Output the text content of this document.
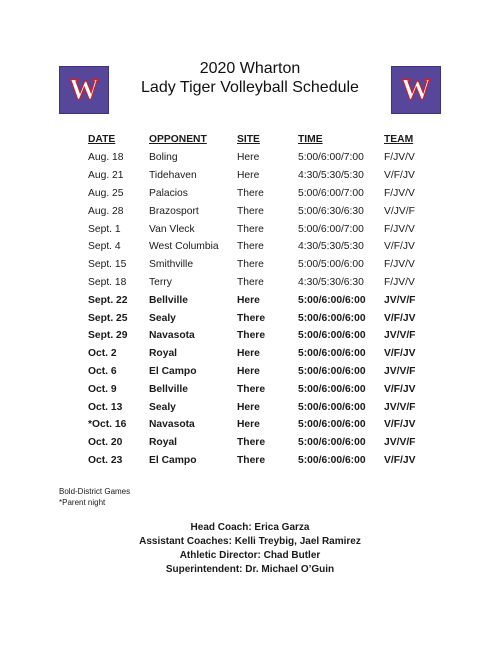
W	W
2020 Wharton
Lady Tiger Volleyball Schedule
DATE	OPPONENT	SITE	TIME	TEAM
Aug. 18	Boling	Here	5:00/6:00/7:00	F/JV/V
Aug. 21	Tidehaven	Here	4:30/5:30/5:30	V/F/JV
Aug. 25	Palacios	There	5:00/6:00/7:00	F/JV/V
Aug. 28	Brazosport	There	5:00/6:30/6:30	V/JV/F
Sept. 1	Van Vleck	There	5:00/6:00/7:00	F/JV/V
Sept. 4	West Columbia	There	4:30/5:30/5:30	V/F/JV
Sept. 15	Smithville	There	5:00/5:00/6:00	F/JV/V
Sept. 18	Terry	There	4:30/5:30/6:30	F/JV/V
Sept. 22	Bellville	Here	5:00/6:00/6:00	JV/V/F
Sept. 25	Sealy	There	5:00/6:00/6:00	V/F/JV
Sept. 29	Navasota	There	5:00/6:00/6:00	JV/V/F
Oct. 2	Royal	Here	5:00/6:00/6:00	V/F/JV
Oct. 6	El Campo	Here	5:00/6:00/6:00	JV/V/F
Oct. 9	Bellville	There	5:00/6:00/6:00	V/F/JV
Oct. 13	Sealy	Here	5:00/6:00/6:00	JV/V/F
*Oct. 16	Navasota	Here	5:00/6:00/6:00	V/F/JV
Oct. 20	Royal	There	5:00/6:00/6:00	JV/V/F
Oct. 23	El Campo	There	5:00/6:00/6:00	V/F/JV
Bold-District Games
*Parent night
Head Coach: Erica Garza
Assistant Coaches: Kelli Treybig, Jael Ramirez
Athletic Director: Chad Butler
Superintendent: Dr. Michael O’Guin
